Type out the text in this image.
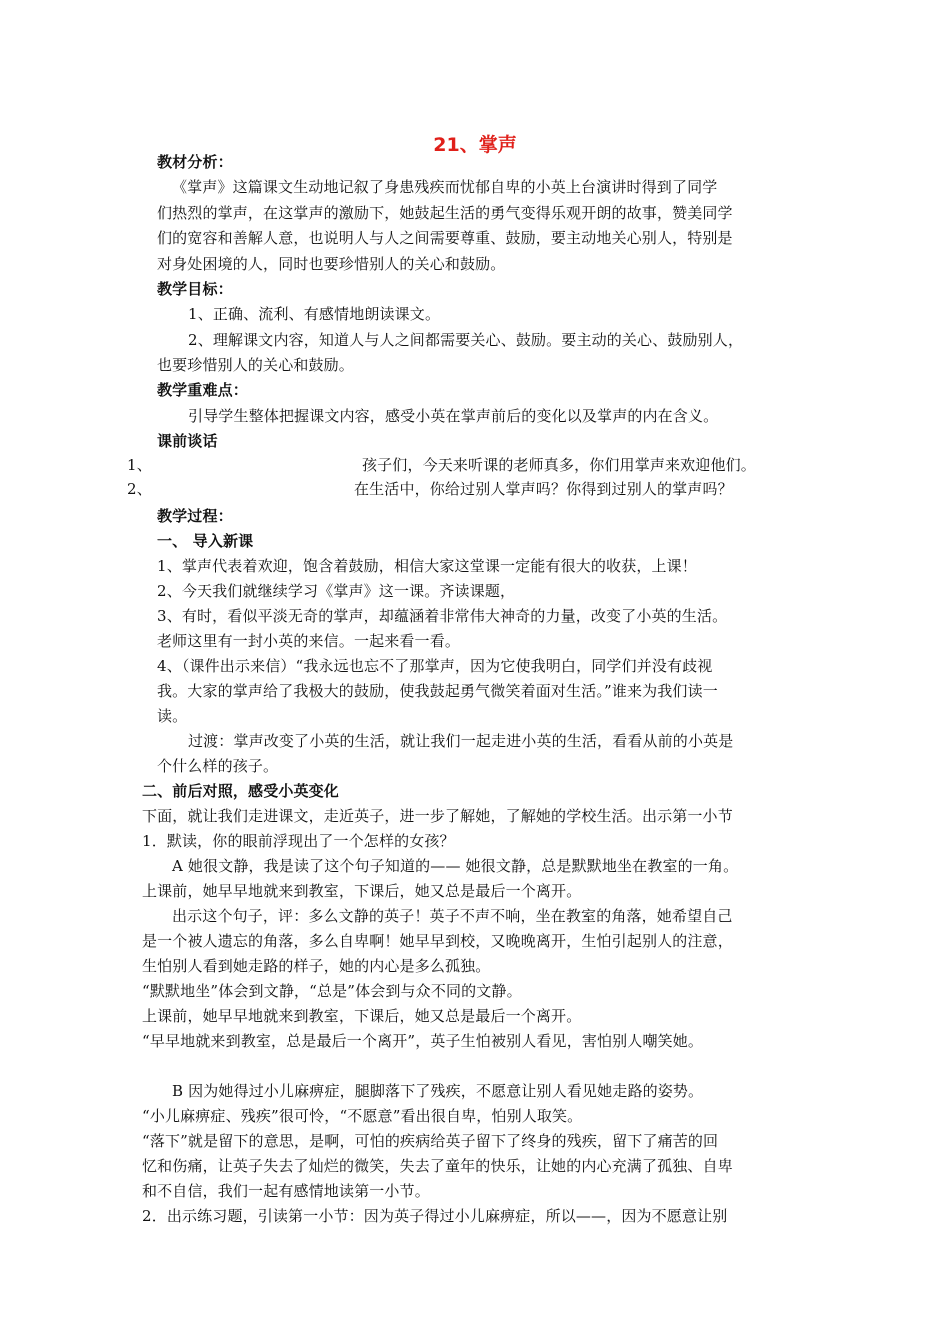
21、掌声
教材分析：
《掌声》这篇课文生动地记叙了身患残疾而忧郁自卑的小英上台演讲时得到了同学
们热烈的掌声，在这掌声的激励下，她鼓起生活的勇气变得乐观开朗的故事，赞美同学
们的宽容和善解人意，也说明人与人之间需要尊重、鼓励，要主动地关心别人，特别是
对身处困境的人，同时也要珍惜别人的关心和鼓励。
教学目标：
1、正确、流利、有感情地朗读课文。
2、理解课文内容，知道人与人之间都需要关心、鼓励。要主动的关心、鼓励别人，
也要珍惜别人的关心和鼓励。
教学重难点：
引导学生整体把握课文内容，感受小英在掌声前后的变化以及掌声的内在含义。
课前谈话
1、	孩子们，今天来听课的老师真多，你们用掌声来欢迎他们。
2、	在生活中，你给过别人掌声吗？你得到过别人的掌声吗？
教学过程：
一、 导入新课
1、掌声代表着欢迎，饱含着鼓励，相信大家这堂课一定能有很大的收获，上课！
2、今天我们就继续学习《掌声》这一课。齐读课题，
3、有时，看似平淡无奇的掌声，却蕴涵着非常伟大神奇的力量，改变了小英的生活。
老师这里有一封小英的来信。一起来看一看。
4、（课件出示来信）“我永远也忘不了那掌声，因为它使我明白，同学们并没有歧视
我。大家的掌声给了我极大的鼓励，使我鼓起勇气微笑着面对生活。”谁来为我们读一
读。
过渡：掌声改变了小英的生活，就让我们一起走进小英的生活，看看从前的小英是
个什么样的孩子。
二、前后对照，感受小英变化
下面，就让我们走进课文，走近英子，进一步了解她，了解她的学校生活。出示第一小节
1．默读，你的眼前浮现出了一个怎样的女孩？
A 她很文静，我是读了这个句子知道的—— 她很文静，总是默默地坐在教室的一角。
上课前，她早早地就来到教室，下课后，她又总是最后一个离开。
出示这个句子，评：多么文静的英子！英子不声不响，坐在教室的角落，她希望自己
是一个被人遗忘的角落，多么自卑啊！她早早到校，又晚晚离开，生怕引起别人的注意，
生怕别人看到她走路的样子，她的内心是多么孤独。
“默默地坐”体会到文静，“总是”体会到与众不同的文静。
上课前，她早早地就来到教室，下课后，她又总是最后一个离开。
“早早地就来到教室，总是最后一个离开”，英子生怕被别人看见，害怕别人嘲笑她。
B 因为她得过小儿麻痹症，腿脚落下了残疾，不愿意让别人看见她走路的姿势。
“小儿麻痹症、残疾”很可怜，“不愿意”看出很自卑，怕别人取笑。
“落下”就是留下的意思，是啊，可怕的疾病给英子留下了终身的残疾，留下了痛苦的回
忆和伤痛，让英子失去了灿烂的微笑，失去了童年的快乐，让她的内心充满了孤独、自卑
和不自信，我们一起有感情地读第一小节。
2．出示练习题，引读第一小节：因为英子得过小儿麻痹症，所以——，因为不愿意让别
